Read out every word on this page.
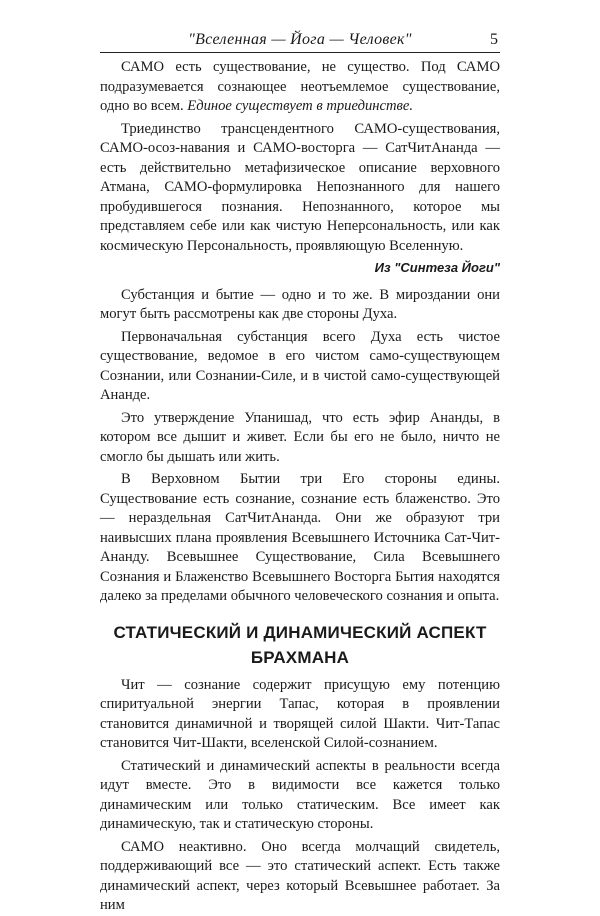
"Вселенная — Йога — Человек"	5

САМО есть существование, не существо. Под САМО подразумевается сознающее неотъемлемое существование, одно во всем. Единое существует в триединстве.

Триединство трансцендентного САМО-существования, САМО-осоз-навания и САМО-восторга — СатЧитАнанда — есть действительно метафизическое описание верховного Атмана, САМО-формулировка Непознанного для нашего пробудившегося познания. Непознанного, которое мы представляем себе или как чистую Неперсональность, или как космическую Персональность, проявляющую Вселенную.

Из "Синтеза Йоги"

Субстанция и бытие — одно и то же. В мироздании они могут быть рассмотрены как две стороны Духа.

Первоначальная субстанция всего Духа есть чистое существование, ведомое в его чистом само-существующем Сознании, или Сознании-Силе, и в чистой само-существующей Ананде.

Это утверждение Упанишад, что есть эфир Ананды, в котором все дышит и живет. Если бы его не было, ничто не смогло бы дышать или жить.

В Верховном Бытии три Его стороны едины. Существование есть сознание, сознание есть блаженство. Это — нераздельная СатЧитАнанда. Они же образуют три наивысших плана проявления Всевышнего Источника Сат-Чит-Ананду. Всевышнее Существование, Сила Всевышнего Сознания и Блаженство Всевышнего Восторга Бытия находятся далеко за пределами обычного человеческого сознания и опыта.

СТАТИЧЕСКИЙ И ДИНАМИЧЕСКИЙ АСПЕКТ
БРАХМАНА

Чит — сознание содержит присущую ему потенцию спиритуальной энергии Тапас, которая в проявлении становится динамичной и творящей силой Шакти. Чит-Тапас становится Чит-Шакти, вселенской Силой-сознанием.

Статический и динамический аспекты в реальности всегда идут вместе. Это в видимости все кажется только динамическим или только статическим. Все имеет как динамическую, так и статическую стороны.

САМО неактивно. Оно всегда молчащий свидетель, поддерживающий все — это статический аспект. Есть также динамический аспект, через который Всевышнее работает. За ним
